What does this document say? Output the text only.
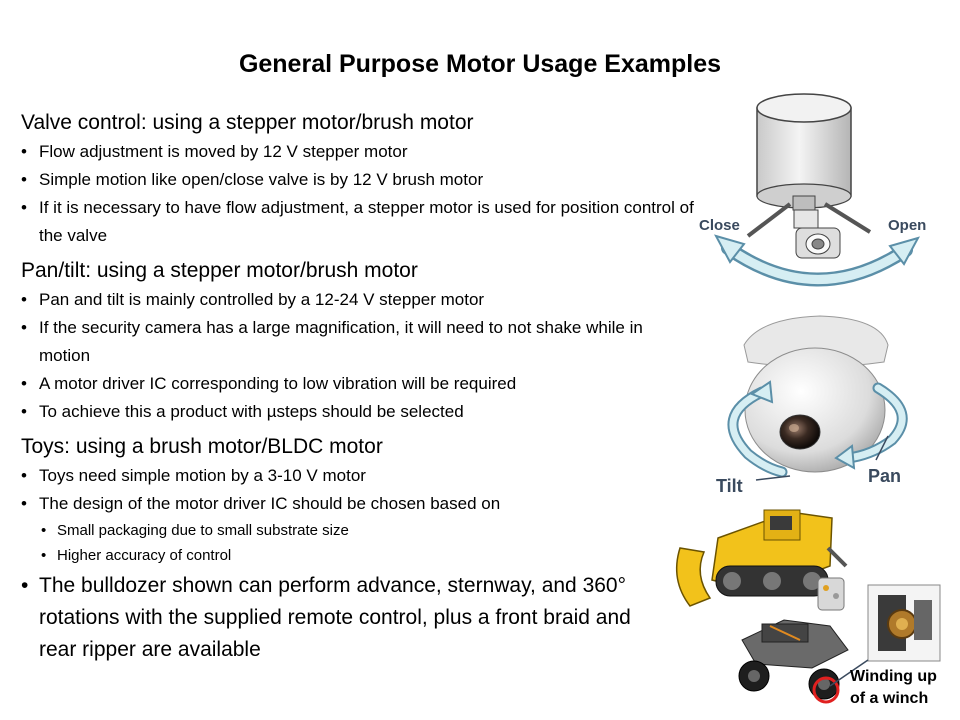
General Purpose Motor Usage Examples
Valve control: using a stepper motor/brush motor
• Flow adjustment is moved by 12 V stepper motor
• Simple motion like open/close valve is by 12 V brush motor
• If it is necessary to have flow adjustment, a stepper motor is used for position control of the valve
Pan/tilt: using a stepper motor/brush motor
• Pan and tilt is mainly controlled by a 12-24 V stepper motor
• If the security camera has a large magnification, it will need to not shake while in motion
• A motor driver IC corresponding to low vibration will be required
• To achieve this a product with µsteps should be selected
Toys: using a brush motor/BLDC motor
• Toys need simple motion by a 3-10 V motor
• The design of the motor driver IC should be chosen based on
• Small packaging due to small substrate size
• Higher accuracy of control
• The bulldozer shown can perform advance, sternway, and 360° rotations with the supplied remote control, plus a front braid and rear ripper are available
Close	Open
Tilt	Pan
Winding up
of a winch
